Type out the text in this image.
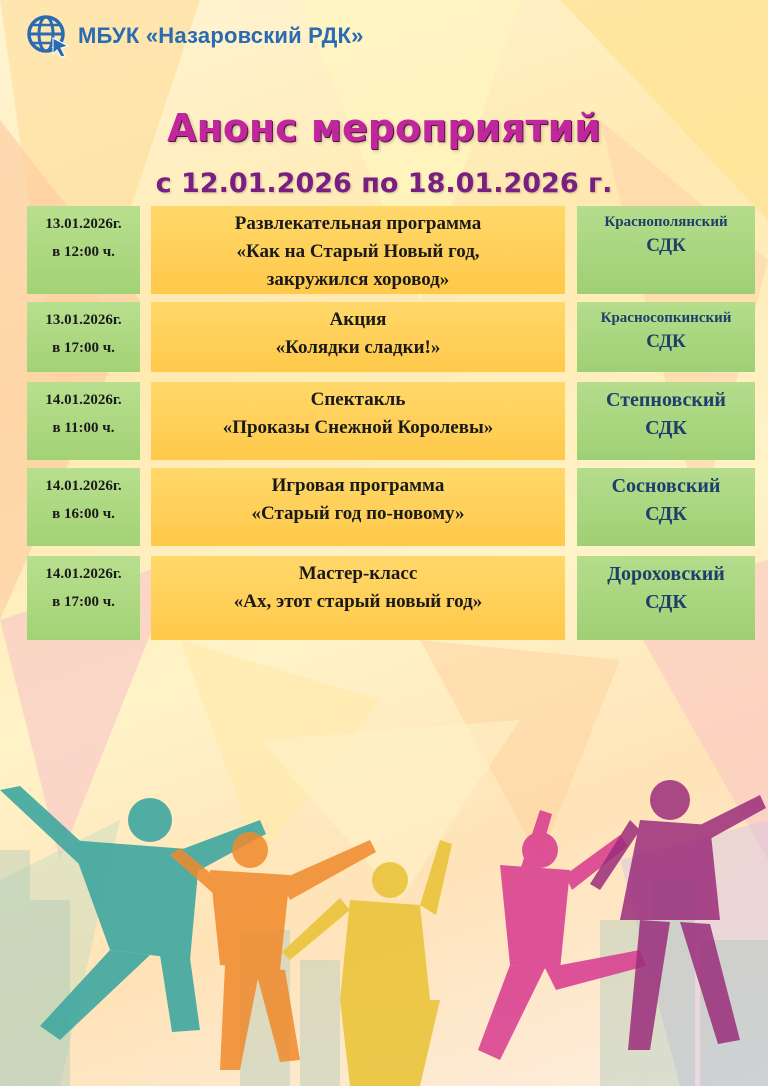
МБУК «Назаровский РДК»
Анонс мероприятий
с 12.01.2026 по 18.01.2026 г.
13.01.2026г.
в 12:00 ч.
Развлекательная программа
«Как на Старый Новый год,
закружился хоровод»
Краснополянский
СДК
13.01.2026г.
в 17:00 ч.
Акция
«Колядки сладки!»
Красносопкинский
СДК
14.01.2026г.
в 11:00 ч.
Спектакль
«Проказы Снежной Королевы»
Степновский
СДК
14.01.2026г.
в 16:00 ч.
Игровая программа
«Старый год по-новому»
Сосновский
СДК
14.01.2026г.
в 17:00 ч.
Мастер-класс
«Ах, этот старый новый год»
Дороховский
СДК
